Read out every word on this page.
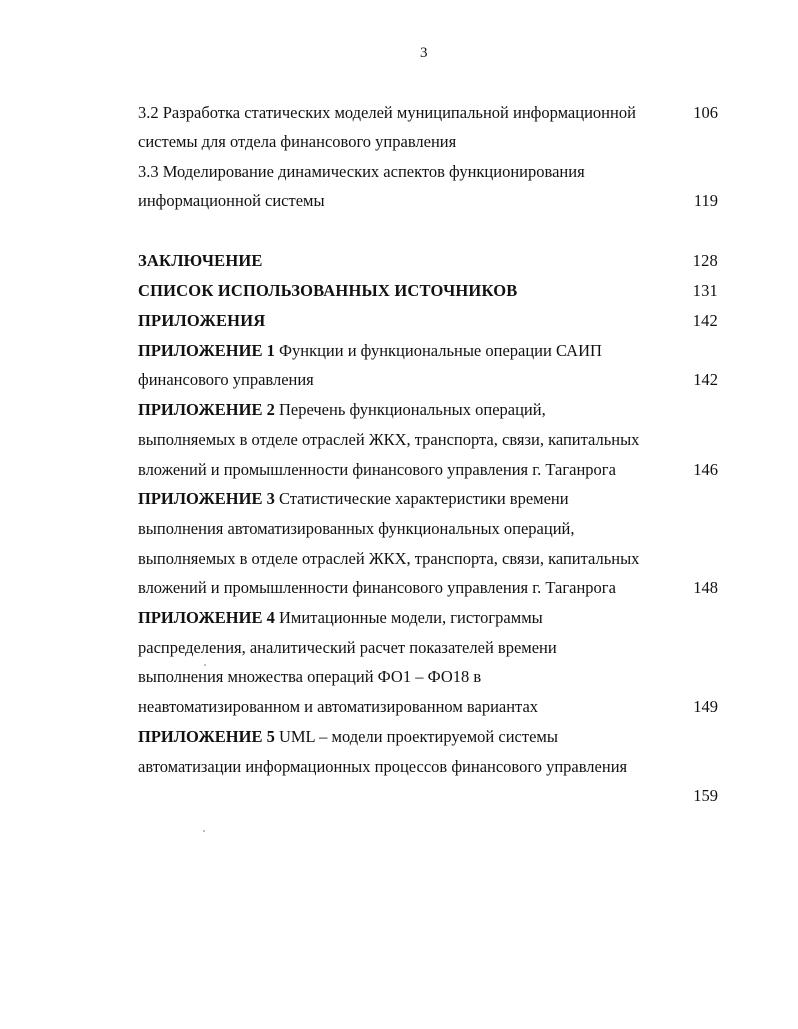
3
3.2 Разработка статических моделей муниципальной информационной	106
системы для отдела финансового управления
3.3 Моделирование динамических аспектов функционирования
информационной системы	119
ЗАКЛЮЧЕНИЕ	128
СПИСОК ИСПОЛЬЗОВАННЫХ ИСТОЧНИКОВ	131
ПРИЛОЖЕНИЯ	142
ПРИЛОЖЕНИЕ 1 Функции и функциональные операции САИП
финансового управления	142
ПРИЛОЖЕНИЕ 2 Перечень функциональных операций,
выполняемых в отделе отраслей ЖКХ, транспорта, связи, капитальных
вложений и промышленности финансового управления г. Таганрога	146
ПРИЛОЖЕНИЕ 3 Статистические характеристики времени
выполнения автоматизированных функциональных операций,
выполняемых в отделе отраслей ЖКХ, транспорта, связи, капитальных
вложений и промышленности финансового управления г. Таганрога	148
ПРИЛОЖЕНИЕ 4 Имитационные модели, гистограммы
распределения, аналитический расчет показателей времени
выполнения множества операций ФО1 – ФО18 в
неавтоматизированном и автоматизированном вариантах	149
ПРИЛОЖЕНИЕ 5 UML – модели проектируемой системы
автоматизации информационных процессов финансового управления
159
